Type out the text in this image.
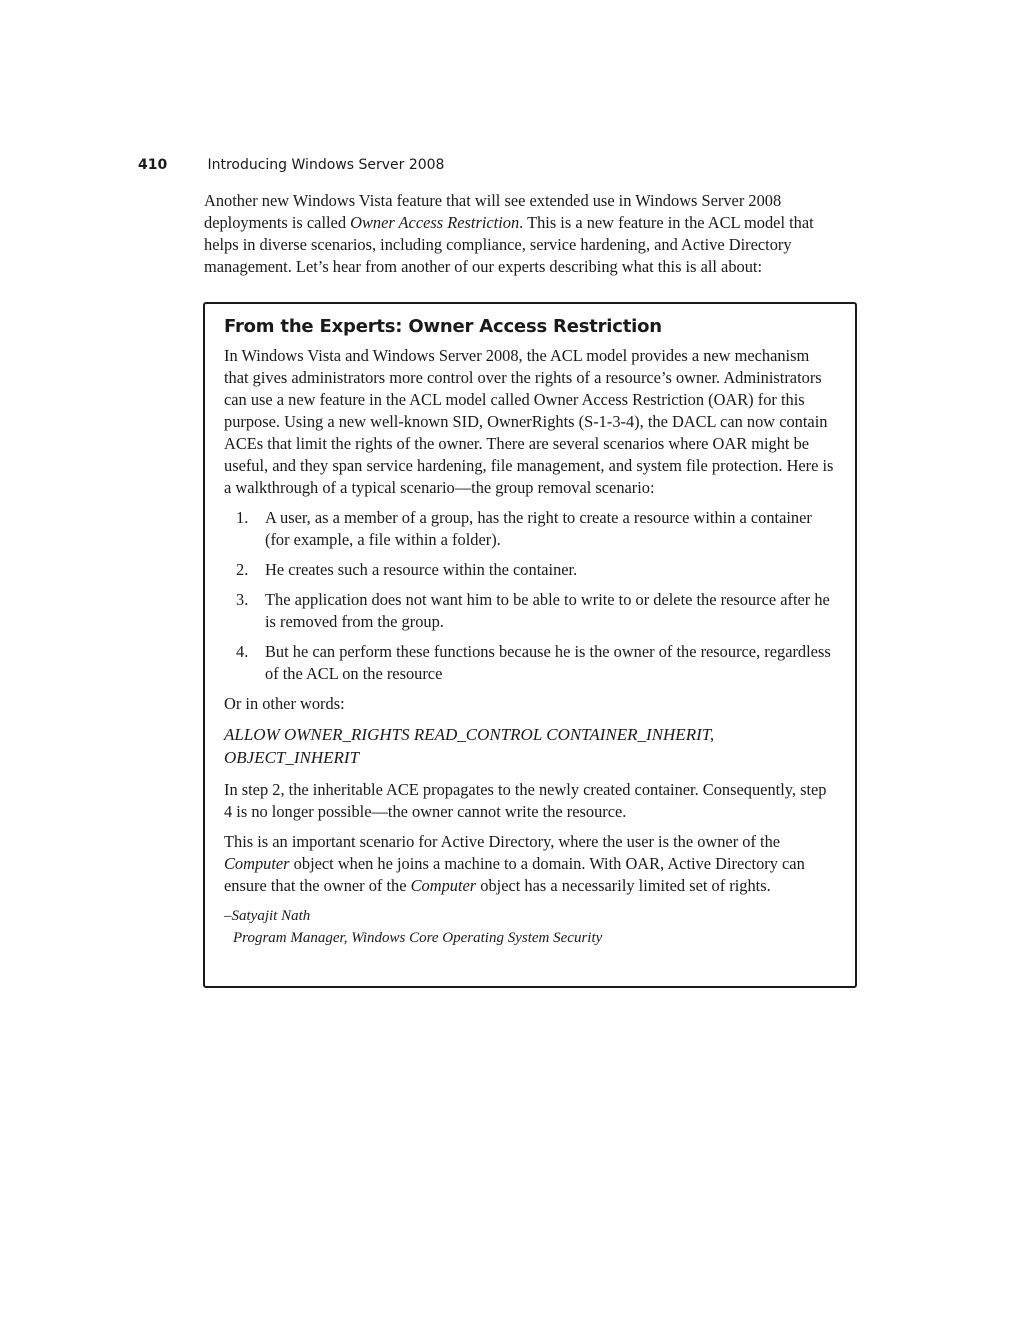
410	Introducing Windows Server 2008

Another new Windows Vista feature that will see extended use in Windows Server 2008 deployments is called Owner Access Restriction. This is a new feature in the ACL model that helps in diverse scenarios, including compliance, service hardening, and Active Directory management. Let’s hear from another of our experts describing what this is all about:

From the Experts: Owner Access Restriction

In Windows Vista and Windows Server 2008, the ACL model provides a new mechanism that gives administrators more control over the rights of a resource’s owner. Administrators can use a new feature in the ACL model called Owner Access Restriction (OAR) for this purpose. Using a new well-known SID, OwnerRights (S-1-3-4), the DACL can now contain ACEs that limit the rights of the owner. There are several scenarios where OAR might be useful, and they span service hardening, file management, and system file protection. Here is a walkthrough of a typical scenario—the group removal scenario:

1. A user, as a member of a group, has the right to create a resource within a container (for example, a file within a folder).
2. He creates such a resource within the container.
3. The application does not want him to be able to write to or delete the resource after he is removed from the group.
4. But he can perform these functions because he is the owner of the resource, regardless of the ACL on the resource

Or in other words:

ALLOW OWNER_RIGHTS READ_CONTROL CONTAINER_INHERIT, OBJECT_INHERIT

In step 2, the inheritable ACE propagates to the newly created container. Consequently, step 4 is no longer possible—the owner cannot write the resource.

This is an important scenario for Active Directory, where the user is the owner of the Computer object when he joins a machine to a domain. With OAR, Active Directory can ensure that the owner of the Computer object has a necessarily limited set of rights.

–Satyajit Nath
Program Manager, Windows Core Operating System Security
